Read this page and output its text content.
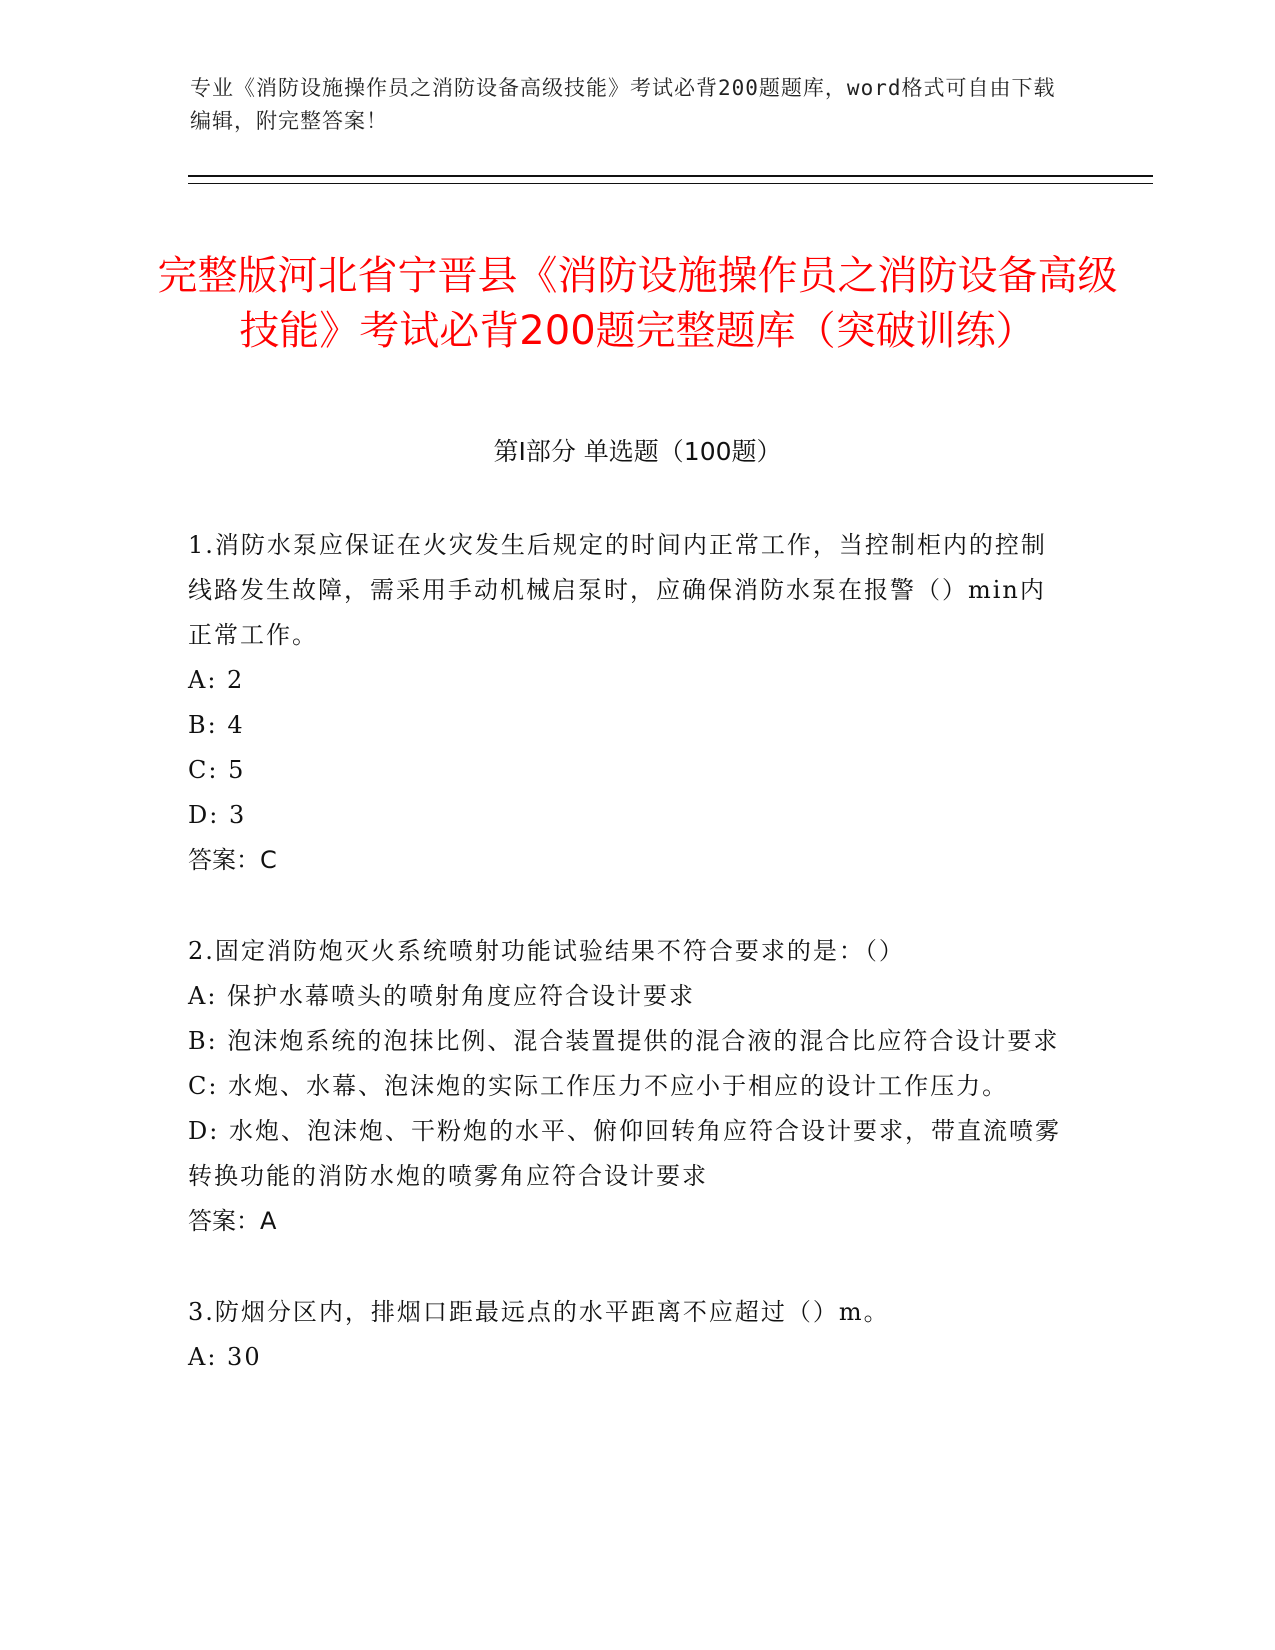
专业《消防设施操作员之消防设备高级技能》考试必背200题题库，word格式可自由下载编辑，附完整答案！
完整版河北省宁晋县《消防设施操作员之消防设备高级技能》考试必背200题完整题库（突破训练）
第I部分 单选题（100题）

1.消防水泵应保证在火灾发生后规定的时间内正常工作，当控制柜内的控制线路发生故障，需采用手动机械启泵时，应确保消防水泵在报警（）min内正常工作。

A: 2

B: 4

C: 5

D: 3

答案：C

2.固定消防炮灭火系统喷射功能试验结果不符合要求的是：（）

A: 保护水幕喷头的喷射角度应符合设计要求

B: 泡沫炮系统的泡抹比例、混合装置提供的混合液的混合比应符合设计要求

C: 水炮、水幕、泡沫炮的实际工作压力不应小于相应的设计工作压力。

D: 水炮、泡沫炮、干粉炮的水平、俯仰回转角应符合设计要求，带直流喷雾转换功能的消防水炮的喷雾角应符合设计要求

答案：A

3.防烟分区内，排烟口距最远点的水平距离不应超过（）m。

A: 30
